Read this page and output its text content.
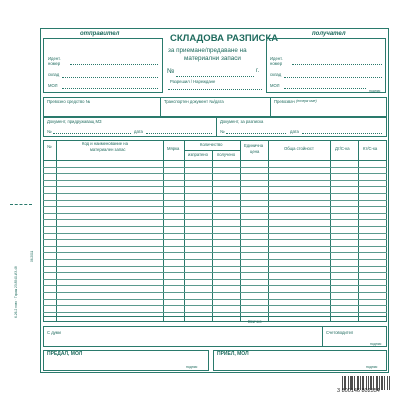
отправител
Идент. номер
склад
МОЛ
СКЛАДОВА РАЗПИСКА
за приемане/предаване на
материални запаси
№	г.
Разрешил / Нареждане
получател
Идент. номер
склад
МОЛ
подпис
Превозно средство №	Транспортен документ №/дата	Превозвач (почерк име)
Документ, придружаващ МЗ
№	дата
Документ, за разписка
№	дата
№
Код и наименование на
материален запас	Мярка
Количество
изпратено получено
Единична
цена
Обща стойност	Дт/С-ка	Кт/С-ка
Всичко
С думи	Счетоводител
подпис
ПРЕДАЛ, МОЛ
подпис
ПРИЕЛ, МОЛ
подпис
6-26-2 ново · Тираж 23-8540-ИЗ-48
06.2011
3 800146 802554
